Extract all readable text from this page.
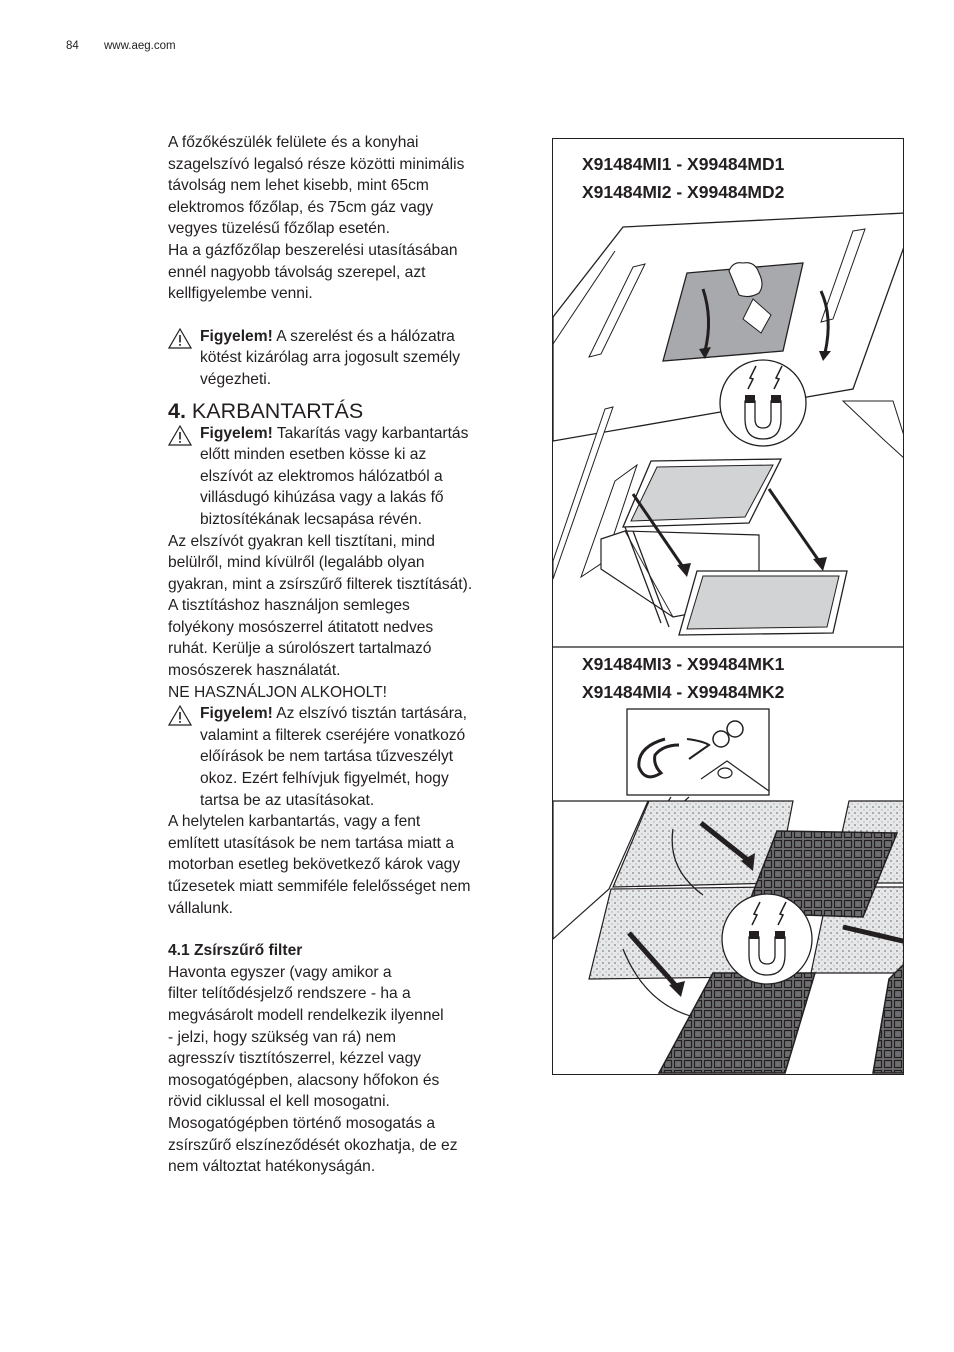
84 www.aeg.com

A főzőkészülék felülete és a konyhai

szagelszívó legalsó része közötti minimális

távolság nem lehet kisebb, mint 65cm

elektromos főzőlap, és 75cm gáz vagy

vegyes tüzelésű főzőlap esetén.

Ha a gázfőzőlap beszerelési utasításában

ennél nagyobb távolság szerepel, azt

kellfigyelembe venni.

Figyelem! A szerelést és a hálózatra

kötést kizárólag arra jogosult személy

végezheti.

4. KARBANTARTÁS

Figyelem! Takarítás vagy karbantartás

előtt minden esetben kösse ki az

elszívót az elektromos hálózatból a

villásdugó kihúzása vagy a lakás fő

biztosítékának lecsapása révén.

Az elszívót gyakran kell tisztítani, mind

belülről, mind kívülről (legalább olyan

gyakran, mint a zsírszűrő filterek tisztítását).

A tisztításhoz használjon semleges

folyékony mosószerrel átitatott nedves

ruhát. Kerülje a súrolószert tartalmazó

mosószerek használatát.

NE HASZNÁLJON ALKOHOLT!

Figyelem! Az elszívó tisztán tartására,

valamint a filterek cseréjére vonatkozó

előírások be nem tartása tűzveszélyt

okoz. Ezért felhívjuk figyelmét, hogy

tartsa be az utasításokat.

A helytelen karbantartás, vagy a fent

említett utasítások be nem tartása miatt a

motorban esetleg bekövetkező károk vagy

tűzesetek miatt semmiféle felelősséget nem

vállalunk.

4.1 Zsírszűrő filter

Havonta egyszer (vagy amikor a

filter telítődésjelző rendszere - ha a

megvásárolt modell rendelkezik ilyennel

- jelzi, hogy szükség van rá) nem

agresszív tisztítószerrel, kézzel vagy

mosogatógépben, alacsony hőfokon és

rövid ciklussal el kell mosogatni.

Mosogatógépben történő mosogatás a

zsírszűrő elszíneződését okozhatja, de ez

nem változtat hatékonyságán.

X91484MI1 - X99484MD1
X91484MI2 - X99484MD2
X91484MI3 - X99484MK1
X91484MI4 - X99484MK2
